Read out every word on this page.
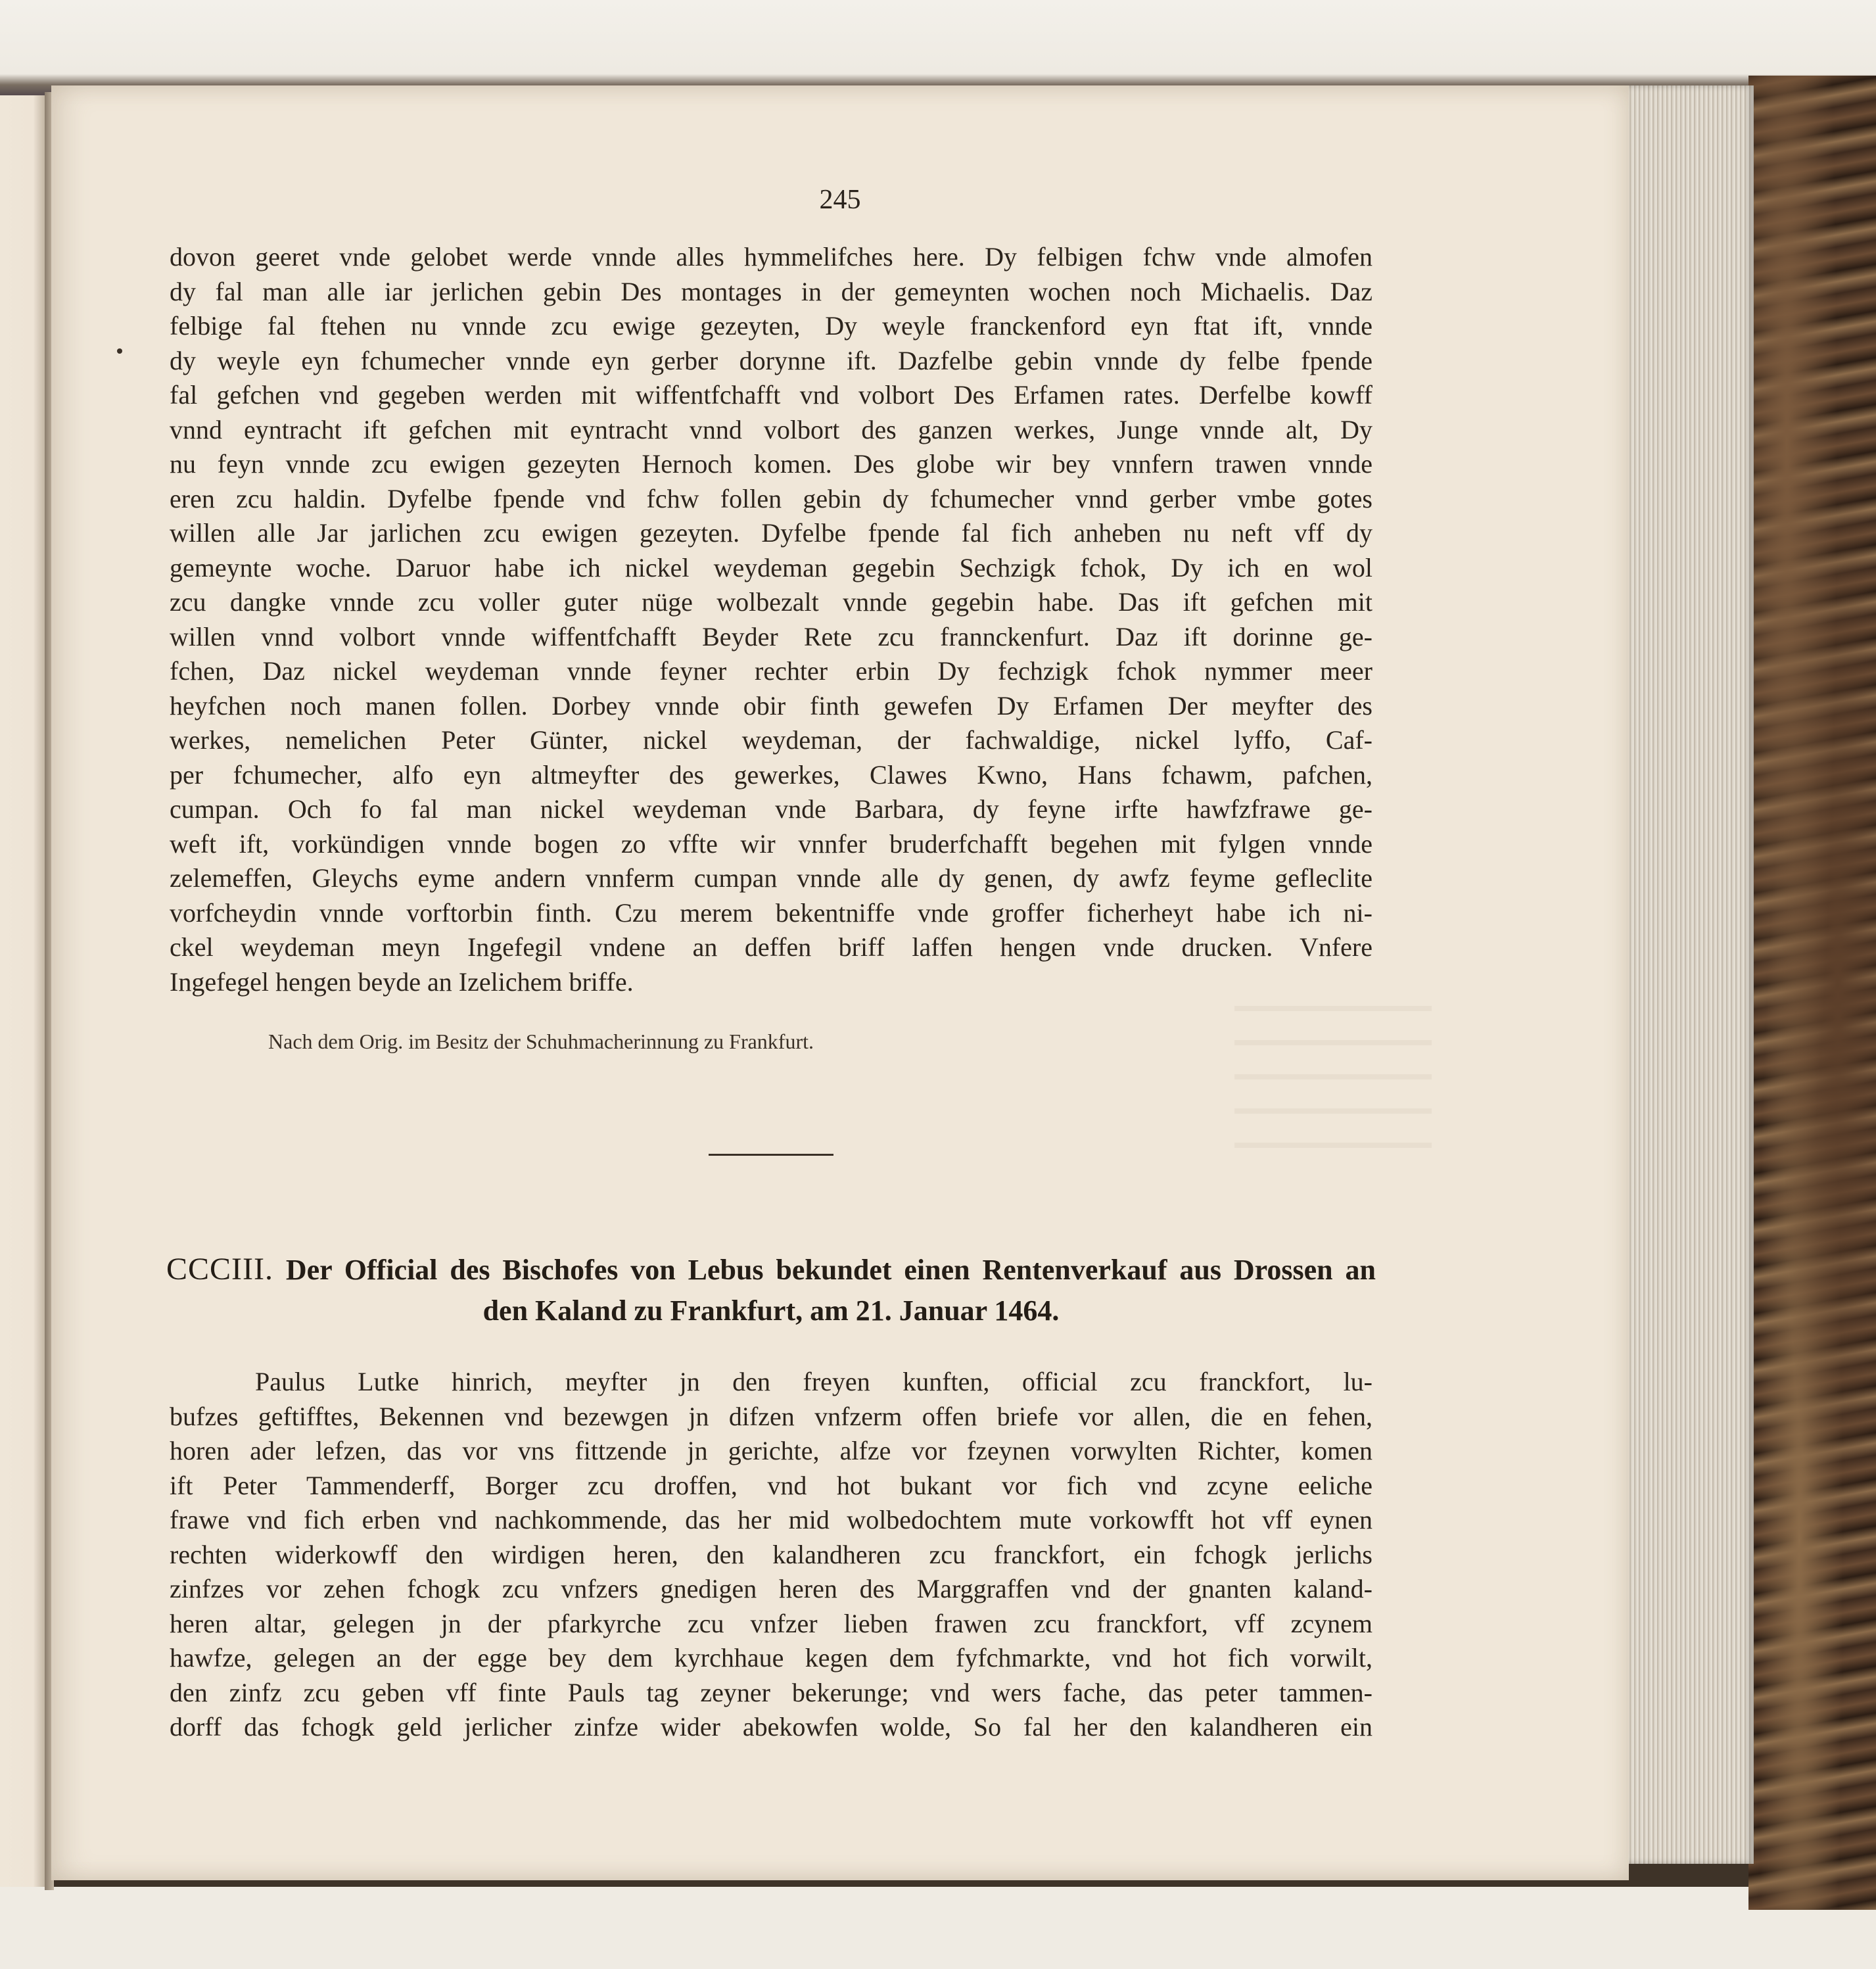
245
dovon geeret vnde gelobet werde vnnde alles hymmelifches here. Dy felbigen fchw vnde almofen
dy fal man alle iar jerlichen gebin Des montages in der gemeynten wochen noch Michaelis. Daz
felbige fal ftehen nu vnnde zcu ewige gezeyten, Dy weyle franckenford eyn ftat ift, vnnde
dy weyle eyn fchumecher vnnde eyn gerber dorynne ift. Dazfelbe gebin vnnde dy felbe fpende
fal gefchen vnd gegeben werden mit wiffentfchafft vnd volbort Des Erfamen rates. Derfelbe kowff
vnnd eyntracht ift gefchen mit eyntracht vnnd volbort des ganzen werkes, Junge vnnde alt, Dy
nu feyn vnnde zcu ewigen gezeyten Hernoch komen. Des globe wir bey vnnfern trawen vnnde
eren zcu haldin. Dyfelbe fpende vnd fchw follen gebin dy fchumecher vnnd gerber vmbe gotes
willen alle Jar jarlichen zcu ewigen gezeyten. Dyfelbe fpende fal fich anheben nu neft vff dy
gemeynte woche. Daruor habe ich nickel weydeman gegebin Sechzigk fchok, Dy ich en wol
zcu dangke vnnde zcu voller guter nüge wolbezalt vnnde gegebin habe. Das ift gefchen mit
willen vnnd volbort vnnde wiffentfchafft Beyder Rete zcu frannckenfurt. Daz ift dorinne ge-
fchen, Daz nickel weydeman vnnde feyner rechter erbin Dy fechzigk fchok nymmer meer
heyfchen noch manen follen. Dorbey vnnde obir finth gewefen Dy Erfamen Der meyfter des
werkes, nemelichen Peter Günter, nickel weydeman, der fachwaldige, nickel lyffo, Caf-
per fchumecher, alfo eyn altmeyfter des gewerkes, Clawes Kwno, Hans fchawm, pafchen,
cumpan. Och fo fal man nickel weydeman vnde Barbara, dy feyne irfte hawfzfrawe ge-
weft ift, vorkündigen vnnde bogen zo vffte wir vnnfer bruderfchafft begehen mit fylgen vnnde
zelemeffen, Gleychs eyme andern vnnferm cumpan vnnde alle dy genen, dy awfz feyme gefleclite
vorfcheydin vnnde vorftorbin finth. Czu merem bekentniffe vnde groffer ficherheyt habe ich ni-
ckel weydeman meyn Ingefegil vndene an deffen briff laffen hengen vnde drucken. Vnfere
Ingefegel hengen beyde an Izelichem briffe.
Nach dem Orig. im Besitz der Schuhmacherinnung zu Frankfurt.
CCCIII. Der Official des Bischofes von Lebus bekundet einen Rentenverkauf aus Drossen an
den Kaland zu Frankfurt, am 21. Januar 1464.
Paulus Lutke hinrich, meyfter jn den freyen kunften, official zcu franckfort, lu-
bufzes geftifftes, Bekennen vnd bezewgen jn difzen vnfzerm offen briefe vor allen, die en fehen,
horen ader lefzen, das vor vns fittzende jn gerichte, alfze vor fzeynen vorwylten Richter, komen
ift Peter Tammenderff, Borger zcu droffen, vnd hot bukant vor fich vnd zcyne eeliche
frawe vnd fich erben vnd nachkommende, das her mid wolbedochtem mute vorkowfft hot vff eynen
rechten widerkowff den wirdigen heren, den kalandheren zcu franckfort, ein fchogk jerlichs
zinfzes vor zehen fchogk zcu vnfzers gnedigen heren des Marggraffen vnd der gnanten kaland-
heren altar, gelegen jn der pfarkyrche zcu vnfzer lieben frawen zcu franckfort, vff zcynem
hawfze, gelegen an der egge bey dem kyrchhaue kegen dem fyfchmarkte, vnd hot fich vorwilt,
den zinfz zcu geben vff finte Pauls tag zeyner bekerunge; vnd wers fache, das peter tammen-
dorff das fchogk geld jerlicher zinfze wider abekowfen wolde, So fal her den kalandheren ein
